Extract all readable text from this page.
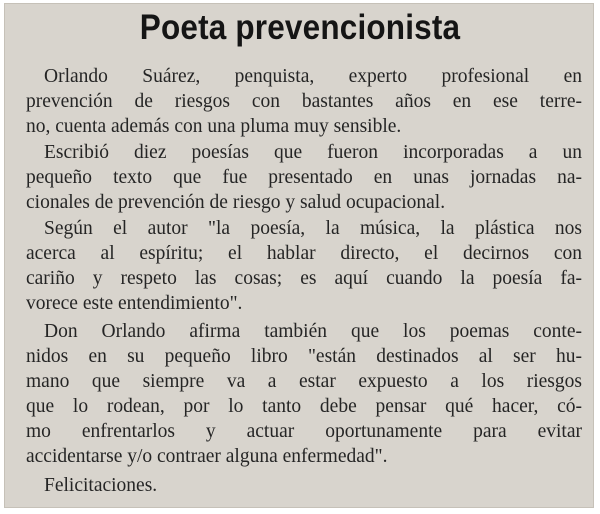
Poeta prevencionista
Orlando Suárez, penquista, experto profesional en
prevención de riesgos con bastantes años en ese terre-
no, cuenta además con una pluma muy sensible.
Escribió diez poesías que fueron incorporadas a un
pequeño texto que fue presentado en unas jornadas na-
cionales de prevención de riesgo y salud ocupacional.
Según el autor "la poesía, la música, la plástica nos
acerca al espíritu; el hablar directo, el decirnos con
cariño y respeto las cosas; es aquí cuando la poesía fa-
vorece este entendimiento".
Don Orlando afirma también que los poemas conte-
nidos en su pequeño libro "están destinados al ser hu-
mano que siempre va a estar expuesto a los riesgos
que lo rodean, por lo tanto debe pensar qué hacer, có-
mo enfrentarlos y actuar oportunamente para evitar
accidentarse y/o contraer alguna enfermedad".
Felicitaciones.
